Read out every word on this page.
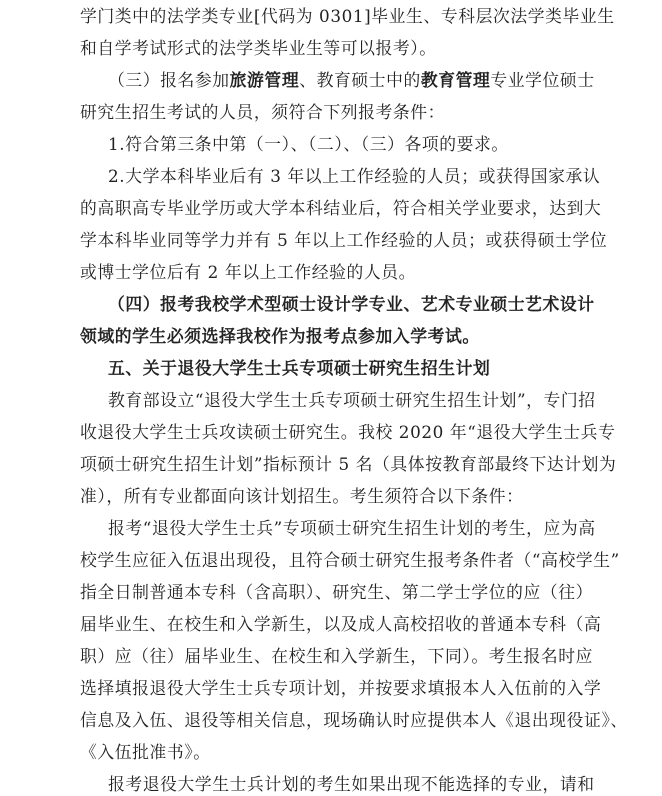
学门类中的法学类专业[代码为 0301]毕业生、专科层次法学类毕业生
和自学考试形式的法学类毕业生等可以报考）。
（三）报名参加旅游管理、教育硕士中的教育管理专业学位硕士
研究生招生考试的人员，须符合下列报考条件：
1.符合第三条中第（一）、（二）、（三）各项的要求。
2.大学本科毕业后有 3 年以上工作经验的人员；或获得国家承认
的高职高专毕业学历或大学本科结业后，符合相关学业要求，达到大
学本科毕业同等学力并有 5 年以上工作经验的人员；或获得硕士学位
或博士学位后有 2 年以上工作经验的人员。
（四）报考我校学术型硕士设计学专业、艺术专业硕士艺术设计
领域的学生必须选择我校作为报考点参加入学考试。
五、关于退役大学生士兵专项硕士研究生招生计划
教育部设立“退役大学生士兵专项硕士研究生招生计划”，专门招
收退役大学生士兵攻读硕士研究生。我校 2020 年“退役大学生士兵专
项硕士研究生招生计划”指标预计 5 名（具体按教育部最终下达计划为
准），所有专业都面向该计划招生。考生须符合以下条件：
报考“退役大学生士兵”专项硕士研究生招生计划的考生，应为高
校学生应征入伍退出现役，且符合硕士研究生报考条件者（“高校学生”
指全日制普通本专科（含高职）、研究生、第二学士学位的应（往）
届毕业生、在校生和入学新生，以及成人高校招收的普通本专科（高
职）应（往）届毕业生、在校生和入学新生，下同）。考生报名时应
选择填报退役大学生士兵专项计划，并按要求填报本人入伍前的入学
信息及入伍、退役等相关信息，现场确认时应提供本人《退出现役证》、
《入伍批准书》。
报考退役大学生士兵计划的考生如果出现不能选择的专业，请和
